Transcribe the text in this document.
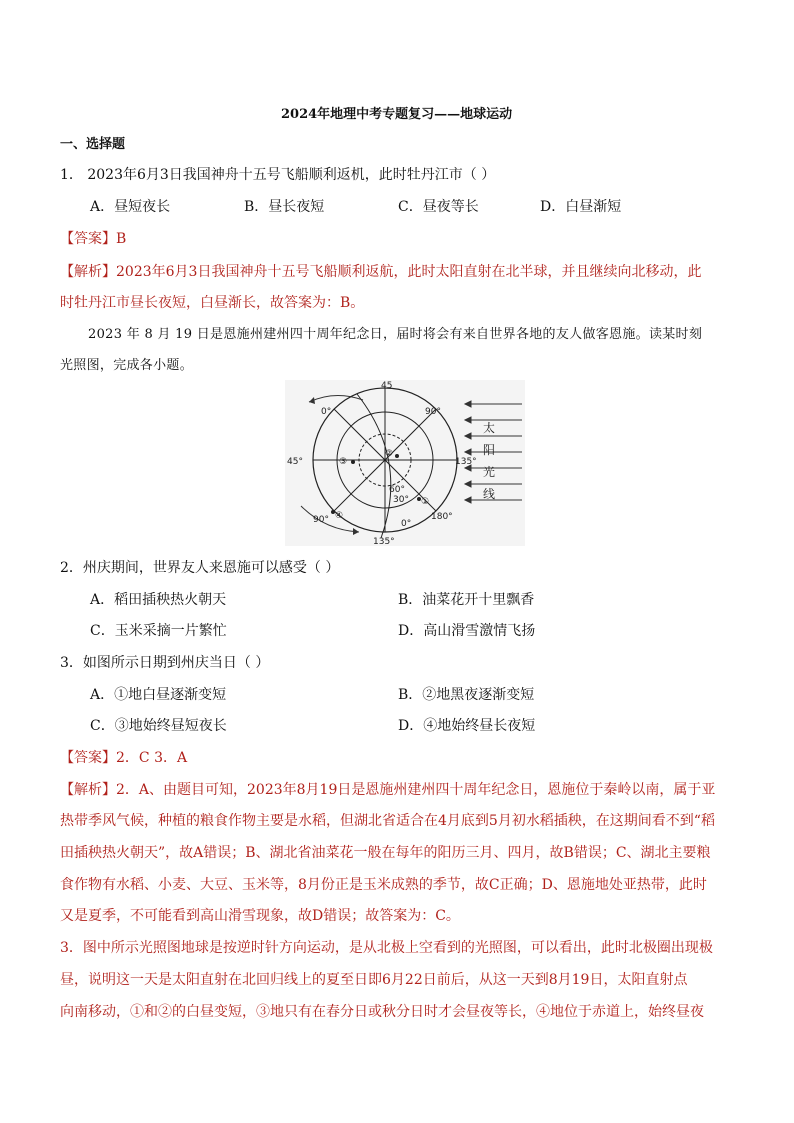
2024年地理中考专题复习——地球运动
一、选择题
1． 2023年6月3日我国神舟十五号飞船顺利返机，此时牡丹江市（ ）
A．昼短夜长	B．昼长夜短	C．昼夜等长	D．白昼渐短
【答案】B
【解析】2023年6月3日我国神舟十五号飞船顺利返航，此时太阳直射在北半球，并且继续向北移动，此
时牡丹江市昼长夜短，白昼渐长，故答案为：B。
2023 年 8 月 19 日是恩施州建州四十周年纪念日，届时将会有来自世界各地的友人做客恩施。读某时刻
光照图，完成各小题。
45
45°	135°
135°
0°	90°
180°
90°
60°
30°
0°
①
②
③
④
太
阳
光
线
2．州庆期间，世界友人来恩施可以感受（ ）
A．稻田插秧热火朝天	B．油菜花开十里飘香
C．玉米采摘一片繁忙	D．高山滑雪激情飞扬
3．如图所示日期到州庆当日（ ）
A．①地白昼逐渐变短	B．②地黑夜逐渐变短
C．③地始终昼短夜长	D．④地始终昼长夜短
【答案】2．C 3．A
【解析】2．A、由题目可知，2023年8月19日是恩施州建州四十周年纪念日，恩施位于秦岭以南，属于亚
热带季风气候，种植的粮食作物主要是水稻，但湖北省适合在4月底到5月初水稻插秧，在这期间看不到“稻
田插秧热火朝天”，故A错误；B、湖北省油菜花一般在每年的阳历三月、四月，故B错误；C、湖北主要粮
食作物有水稻、小麦、大豆、玉米等，8月份正是玉米成熟的季节，故C正确；D、恩施地处亚热带，此时
又是夏季，不可能看到高山滑雪现象，故D错误；故答案为：C。
3．图中所示光照图地球是按逆时针方向运动，是从北极上空看到的光照图，可以看出，此时北极圈出现极
昼，说明这一天是太阳直射在北回归线上的夏至日即6月22日前后，从这一天到8月19日，太阳直射点
向南移动，①和②的白昼变短，③地只有在春分日或秋分日时才会昼夜等长，④地位于赤道上，始终昼夜
